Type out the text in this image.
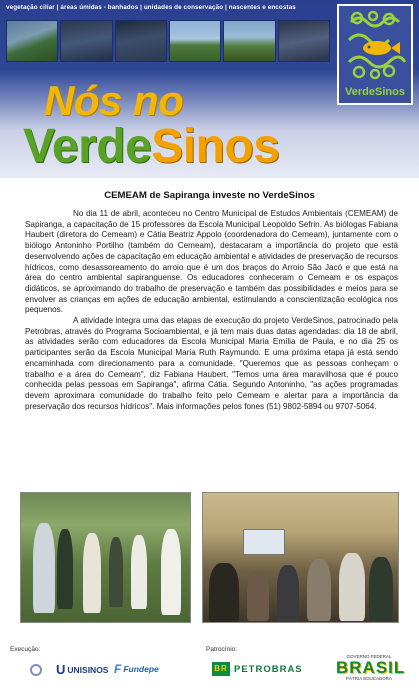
vegetação ciliar | áreas úmidas - banhados | unidades de conservação | nascentes e encostas
VerdeSinos
Nós no
VerdeSinos
CEMEAM de Sapiranga investe no VerdeSinos

No dia 11 de abril, aconteceu no Centro Municipal de Estudos Ambientais (CEMEAM) de Sapiranga, a capacitação de 15 professores da Escola Municipal Leopoldo Sefrin. As biólogas Fabiana Haubert (diretora do Cemeam) e Cátia Beatriz Appolo (coordenadora do Cemeam), juntamente com o biólogo Antoninho Portilho (também do Cemeam), destacaram a importância do projeto que está desenvolvendo ações de capacitação em educação ambiental e atividades de preservação de recursos hídricos, como desassoreamento do arroio que é um dos braços do Arroio São Jacó e que está na área do centro ambiental sapiranguense. Os educadores conheceram o Cemeam e os espaços didáticos, se aproximando do trabalho de preservação e também das possibilidades e meios para se envolver as crianças em ações de educação ambiental, estimulando a conscientização ecológica nos pequenos.

A atividade integra uma das etapas de execução do projeto VerdeSinos, patrocinado pela Petrobras, através do Programa Socioambiental, e já tem mais duas datas agendadas: dia 18 de abril, as atividades serão com educadores da Escola Municipal Maria Emília de Paula, e no dia 25 os participantes serão da Escola Municipal Maria Ruth Raymundo. E uma próxima etapa já está sendo encaminhada com direcionamento para a comunidade. "Queremos que as pessoas conheçam o trabalho e a área do Cemeam", diz Fabiana Haubert. "Temos uma área maravilhosa que é pouco conhecida pelas pessoas em Sapiranga", afirma Cátia. Segundo Antoninho, "as ações programadas devem aproximara comunidade do trabalho feito pelo Cemeam e alertar para a importância da preservação dos recursos hídricos". Mais informações pelos fones (51) 9802-5894 ou 9707-5064.

Execução:	Patrocínio:
U UNISINOS F Fundepe	BR PETROBRAS
GOVERNO FEDERAL
BRASIL
PÁTRIA EDUCADORA
